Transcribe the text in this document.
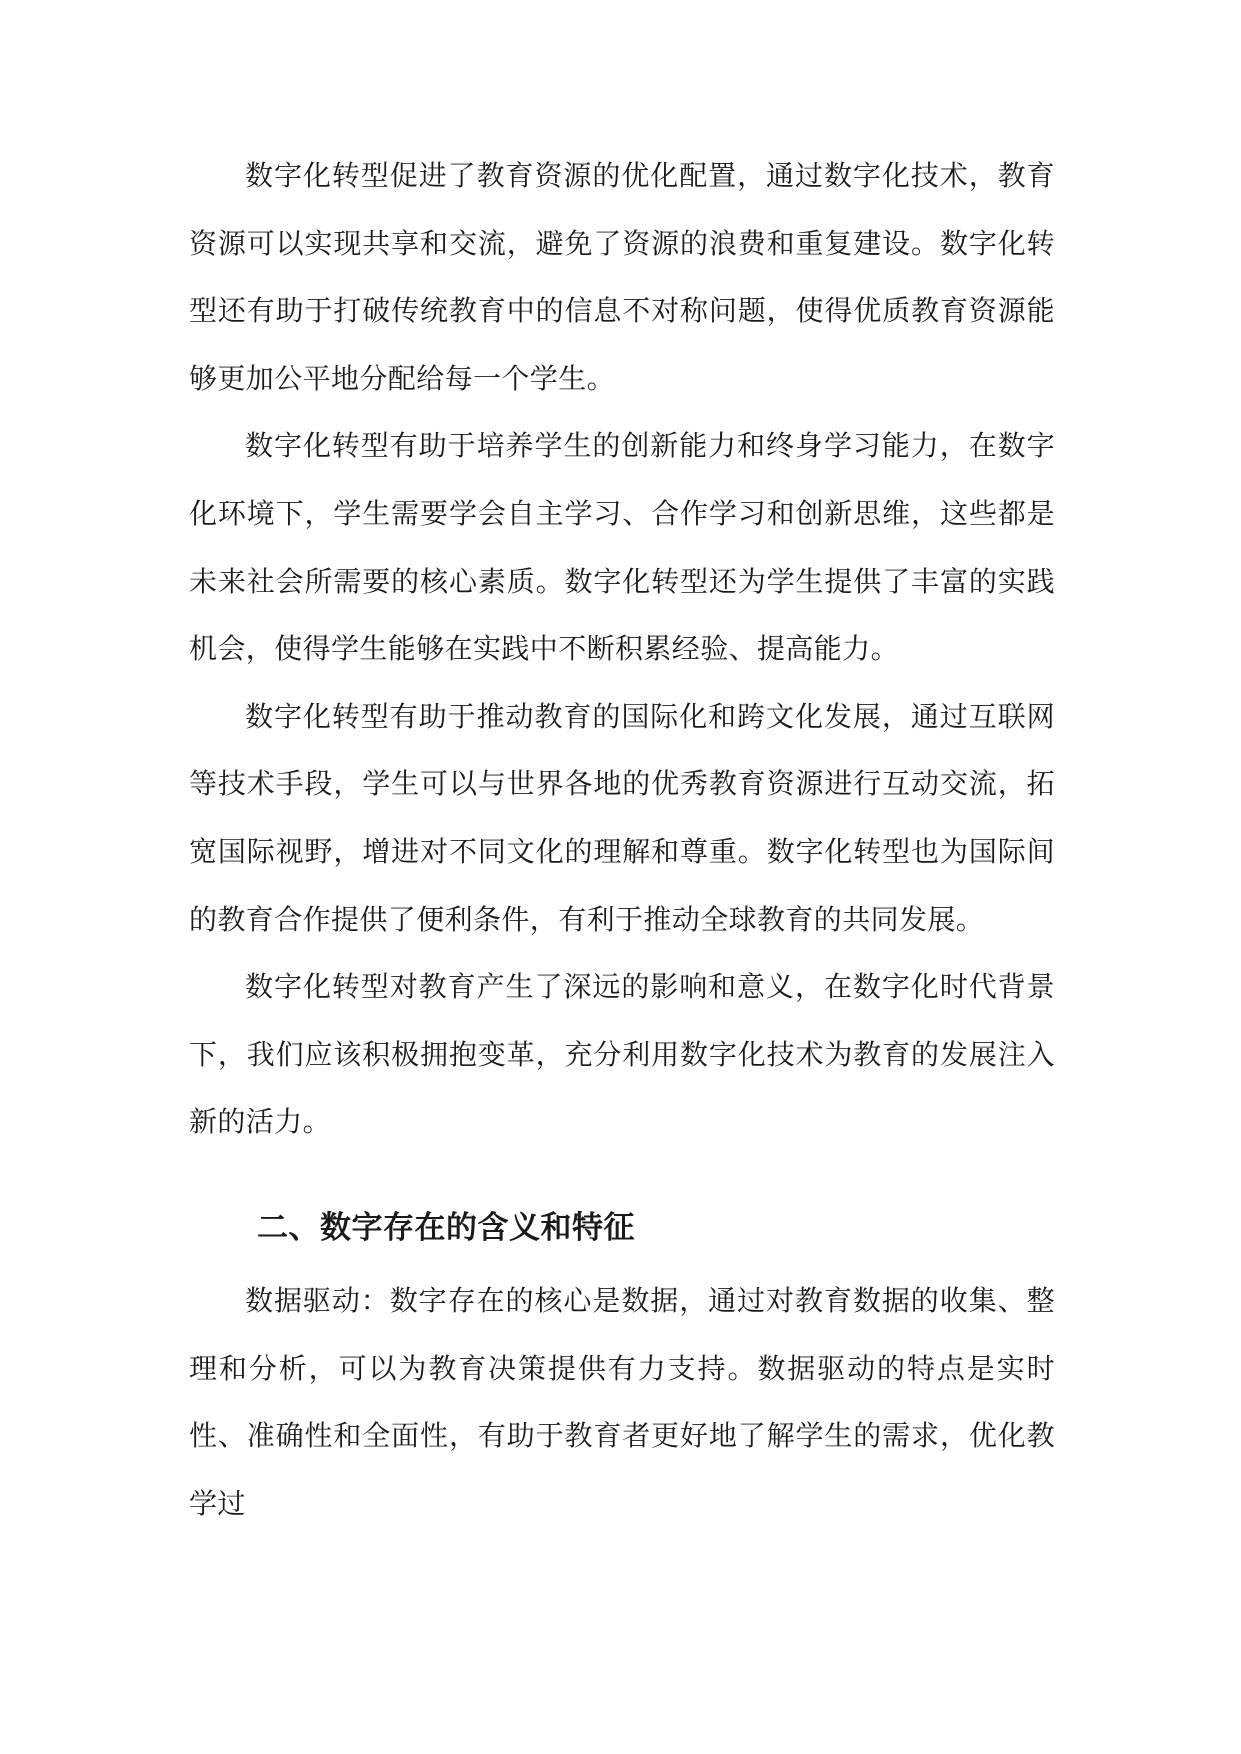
数字化转型促进了教育资源的优化配置，通过数字化技术，教育资源可以实现共享和交流，避免了资源的浪费和重复建设。数字化转型还有助于打破传统教育中的信息不对称问题，使得优质教育资源能够更加公平地分配给每一个学生。

数字化转型有助于培养学生的创新能力和终身学习能力，在数字化环境下，学生需要学会自主学习、合作学习和创新思维，这些都是未来社会所需要的核心素质。数字化转型还为学生提供了丰富的实践机会，使得学生能够在实践中不断积累经验、提高能力。

数字化转型有助于推动教育的国际化和跨文化发展，通过互联网等技术手段，学生可以与世界各地的优秀教育资源进行互动交流，拓宽国际视野，增进对不同文化的理解和尊重。数字化转型也为国际间的教育合作提供了便利条件，有利于推动全球教育的共同发展。

数字化转型对教育产生了深远的影响和意义，在数字化时代背景下，我们应该积极拥抱变革，充分利用数字化技术为教育的发展注入新的活力。

二、数字存在的含义和特征

数据驱动：数字存在的核心是数据，通过对教育数据的收集、整理和分析，可以为教育决策提供有力支持。数据驱动的特点是实时性、准确性和全面性，有助于教育者更好地了解学生的需求，优化教学过
